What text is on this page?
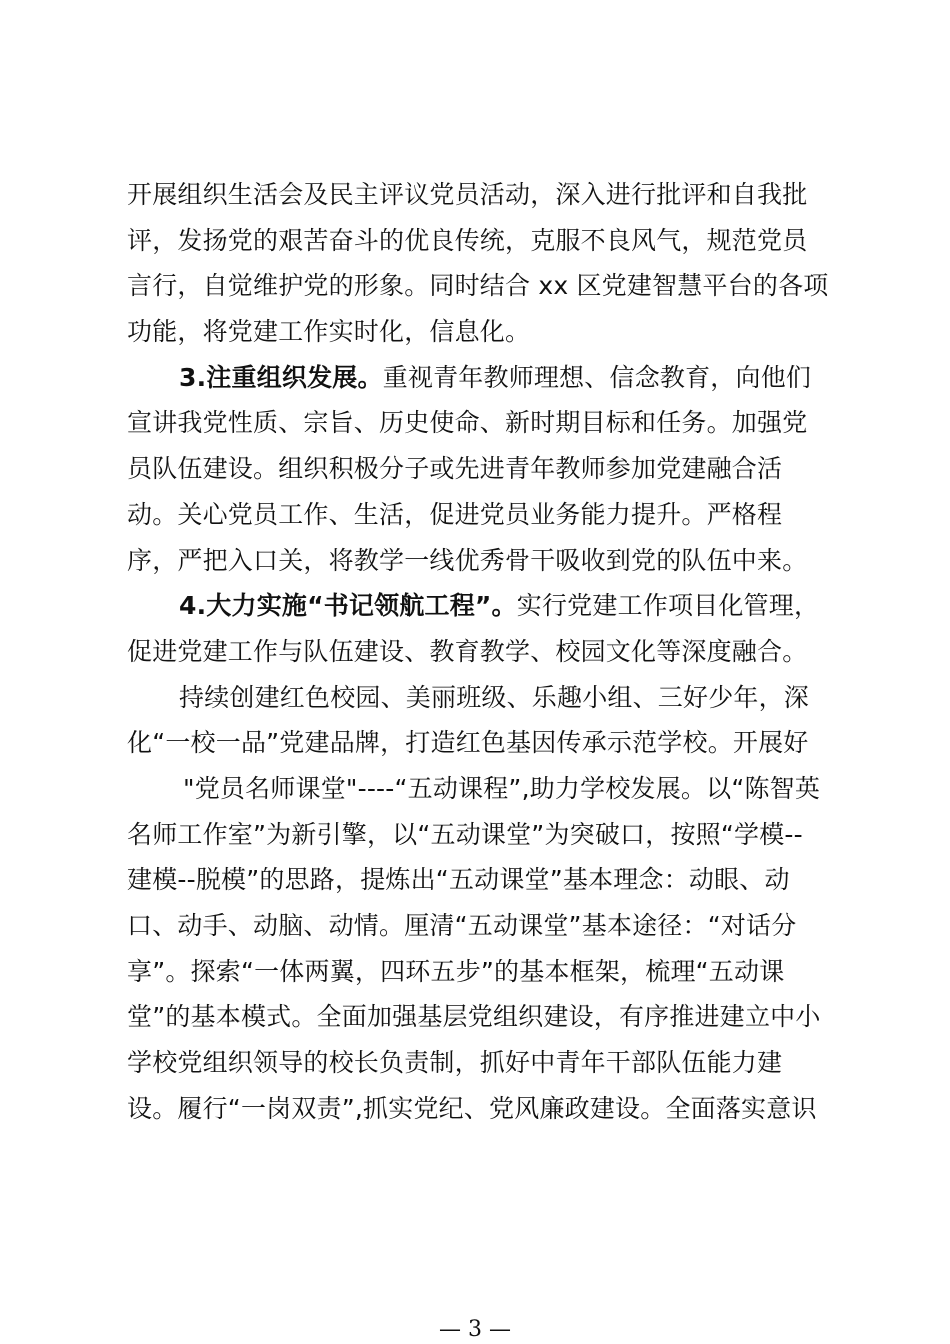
开展组织生活会及民主评议党员活动，深入进行批评和自我批
评，发扬党的艰苦奋斗的优良传统，克服不良风气，规范党员
言行，自觉维护党的形象。同时结合 xx 区党建智慧平台的各项
功能，将党建工作实时化，信息化。
3.注重组织发展。重视青年教师理想、信念教育，向他们
宣讲我党性质、宗旨、历史使命、新时期目标和任务。加强党
员队伍建设。组织积极分子或先进青年教师参加党建融合活
动。关心党员工作、生活，促进党员业务能力提升。严格程
序，严把入口关，将教学一线优秀骨干吸收到党的队伍中来。
4.大力实施“书记领航工程”。实行党建工作项目化管理，
促进党建工作与队伍建设、教育教学、校园文化等深度融合。
持续创建红色校园、美丽班级、乐趣小组、三好少年，深
化“一校一品”党建品牌，打造红色基因传承示范学校。开展好
"党员名师课堂"----“五动课程”,助力学校发展。以“陈智英
名师工作室”为新引擎，以“五动课堂”为突破口，按照“学模--
建模--脱模”的思路，提炼出“五动课堂”基本理念：动眼、动
口、动手、动脑、动情。厘清“五动课堂”基本途径：“对话分
享”。探索“一体两翼，四环五步”的基本框架，梳理“五动课
堂”的基本模式。全面加强基层党组织建设，有序推进建立中小
学校党组织领导的校长负责制，抓好中青年干部队伍能力建
设。履行“一岗双责”,抓实党纪、党风廉政建设。全面落实意识
— 3 —
